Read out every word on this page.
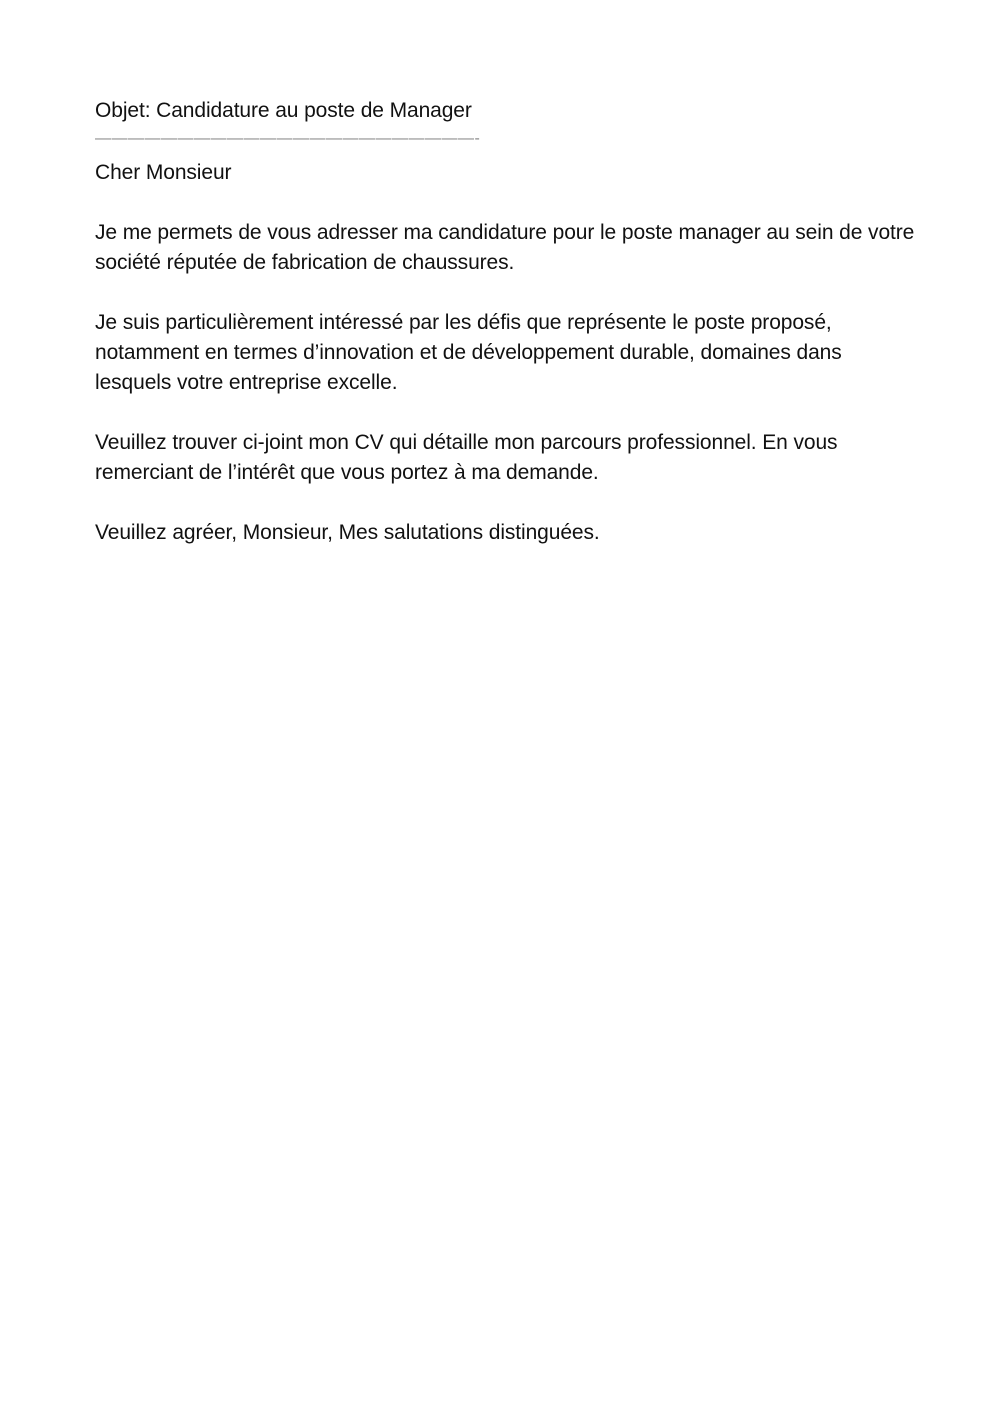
Objet: Candidature au poste de Manager

———————————————————————-

Cher Monsieur

Je me permets de vous adresser ma candidature pour le poste manager au sein de votre société réputée de fabrication de chaussures.

Je suis particulièrement intéressé par les défis que représente le poste proposé, notamment en termes d’innovation et de développement durable, domaines dans lesquels votre entreprise excelle.

Veuillez trouver ci-joint mon CV qui détaille mon parcours professionnel. En vous remerciant de l’intérêt que vous portez à ma demande.

Veuillez agréer, Monsieur, Mes salutations distinguées.
